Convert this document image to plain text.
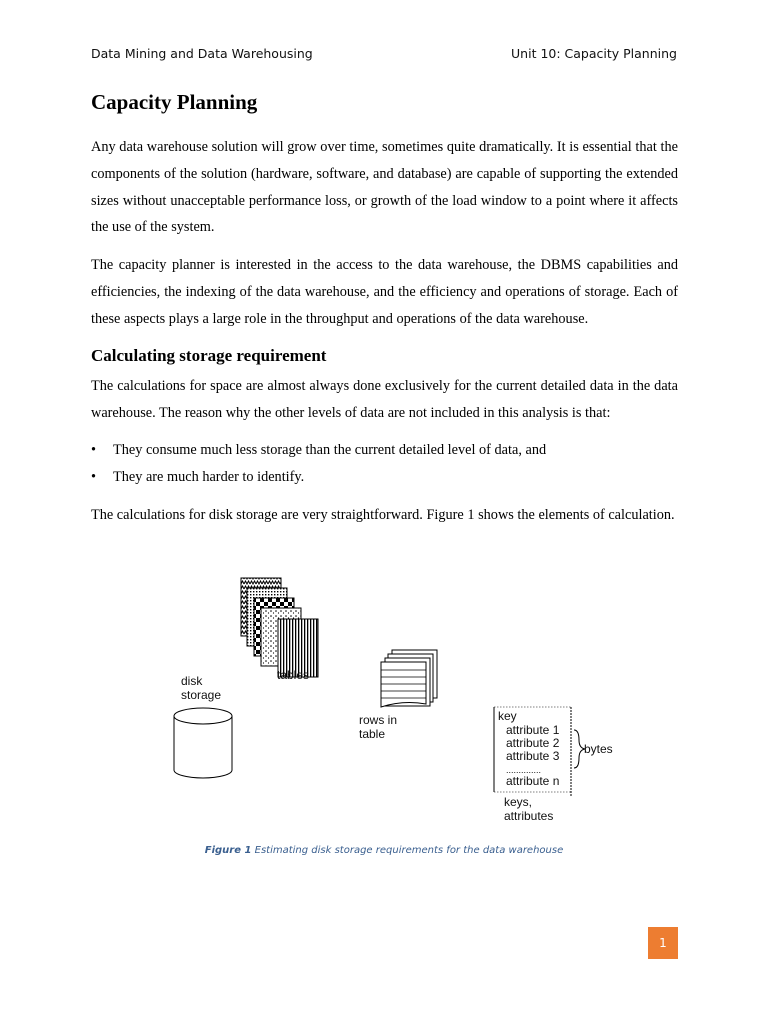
Data Mining and Data Warehousing	Unit 10: Capacity Planning
Capacity Planning

Any data warehouse solution will grow over time, sometimes quite dramatically. It is essential that the components of the solution (hardware, software, and database) are capable of supporting the extended sizes without unacceptable performance loss, or growth of the load window to a point where it affects the use of the system.

The capacity planner is interested in the access to the data warehouse, the DBMS capabilities and efficiencies, the indexing of the data warehouse, and the efficiency and operations of storage. Each of these aspects plays a large role in the throughput and operations of the data warehouse.

Calculating storage requirement

The calculations for space are almost always done exclusively for the current detailed data in the data warehouse. The reason why the other levels of data are not included in this analysis is that:

• They consume much less storage than the current detailed level of data, and
• They are much harder to identify.

The calculations for disk storage are very straightforward. Figure 1 shows the elements of calculation.

tables
disk
storage
rows in
table
key
attribute 1
attribute 2
attribute 3
..............
attribute n
bytes
keys,
attributes
Figure 1 Estimating disk storage requirements for the data warehouse
1
